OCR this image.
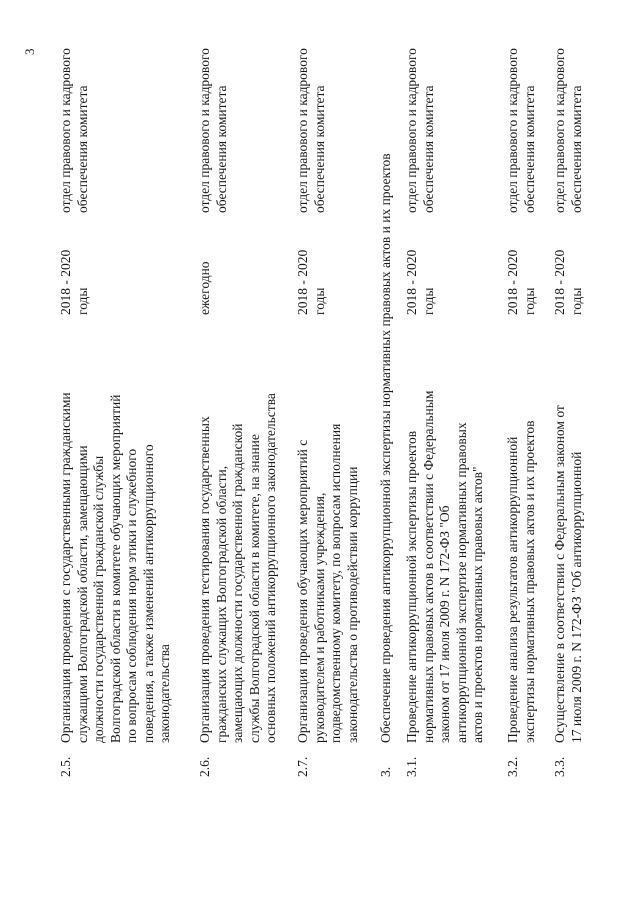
3
2.5.
Организация проведения с государственными гражданскими
служащими Волгоградской области, замещающими
должности государственной гражданской службы
Волгоградской области в комитете обучающих мероприятий
по вопросам соблюдения норм этики и служебного
поведения, а также изменений антикоррупционного
законодательства
2018 - 2020
годы
отдел правового и кадрового
обеспечения комитета
2.6.
Организация проведения тестирования государственных
гражданских служащих Волгоградской области,
замещающих должности государственной гражданской
службы Волгоградской области в комитете, на знание
основных положений антикоррупционного законодательства
ежегодно
отдел правового и кадрового
обеспечения комитета
2.7.
Организация проведения обучающих мероприятий с
руководителем и работниками учреждения,
подведомственному комитету, по вопросам исполнения
законодательства о противодействии коррупции
2018 - 2020
годы
отдел правового и кадрового
обеспечения комитета
3.
Обеспечение проведения антикоррупционной экспертизы нормативных правовых актов и их проектов
3.1.
Проведение антикоррупционной экспертизы проектов
нормативных правовых актов в соответствии с Федеральным
законом от 17 июля 2009 г. N 172-ФЗ "Об
антикоррупционной экспертизе нормативных правовых
актов и проектов нормативных правовых актов"
2018 - 2020
годы
отдел правового и кадрового
обеспечения комитета
3.2.
Проведение анализа результатов антикоррупционной
экспертизы нормативных правовых актов и их проектов
2018 - 2020
годы
отдел правового и кадрового
обеспечения комитета
3.3.
Осуществление в соответствии с Федеральным законом от
17 июля 2009 г. N 172-ФЗ "Об антикоррупционной
2018 - 2020
годы
отдел правового и кадрового
обеспечения комитета
